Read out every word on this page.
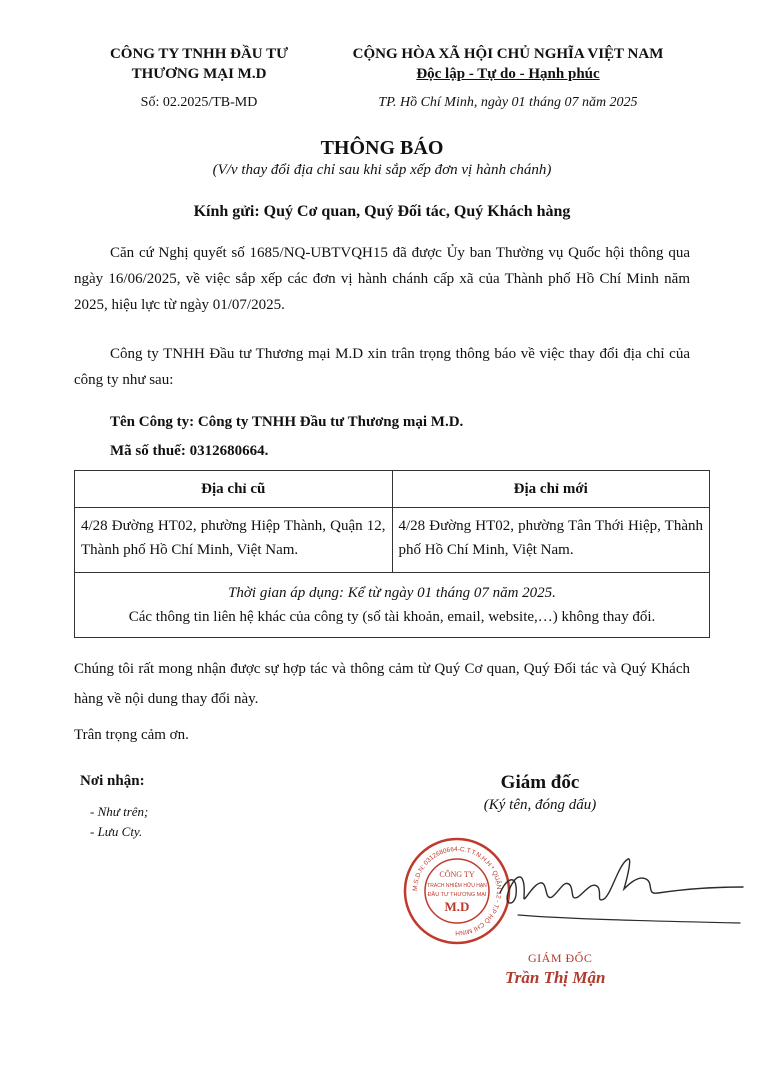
CÔNG TY TNHH ĐẦU TƯ
THƯƠNG MẠI M.D
CỘNG HÒA XÃ HỘI CHỦ NGHĨA VIỆT NAM
Độc lập - Tự do - Hạnh phúc
Số: 02.2025/TB-MD	TP. Hồ Chí Minh, ngày 01 tháng 07 năm 2025
THÔNG BÁO
(V/v thay đổi địa chỉ sau khi sắp xếp đơn vị hành chánh)
Kính gửi: Quý Cơ quan, Quý Đối tác, Quý Khách hàng
Căn cứ Nghị quyết số 1685/NQ-UBTVQH15 đã được Ủy ban Thường vụ Quốc hội thông qua ngày 16/06/2025, về việc sắp xếp các đơn vị hành chánh cấp xã của Thành phố Hồ Chí Minh năm 2025, hiệu lực từ ngày 01/07/2025.
Công ty TNHH Đầu tư Thương mại M.D xin trân trọng thông báo về việc thay đổi địa chỉ của công ty như sau:
Tên Công ty: Công ty TNHH Đầu tư Thương mại M.D.
Mã số thuế: 0312680664.
Địa chỉ cũ	Địa chỉ mới
4/28 Đường HT02, phường Hiệp Thành, Quận 12, Thành phố Hồ Chí Minh, Việt Nam.	4/28 Đường HT02, phường Tân Thới Hiệp, Thành phố Hồ Chí Minh, Việt Nam.

Thời gian áp dụng: Kể từ ngày 01 tháng 07 năm 2025.
Các thông tin liên hệ khác của công ty (số tài khoản, email, website,…) không thay đổi.	
Chúng tôi rất mong nhận được sự hợp tác và thông cảm từ Quý Cơ quan, Quý Đối tác và Quý Khách hàng về nội dung thay đổi này.
Trân trọng cảm ơn.
Nơi nhận:
- Như trên;
- Lưu Cty.
Giám đốc
(Ký tên, đóng dấu)
M.S.D.N: 0312680664-C.T.T.N.H.H * QUẬN 12 - T.P HỒ CHÍ MINH
CÔNG TY
TRÁCH NHIỆM HỮU HẠN
ĐẦU TƯ THƯƠNG MẠI
M.D
GIÁM ĐỐC
Trần Thị Mận
